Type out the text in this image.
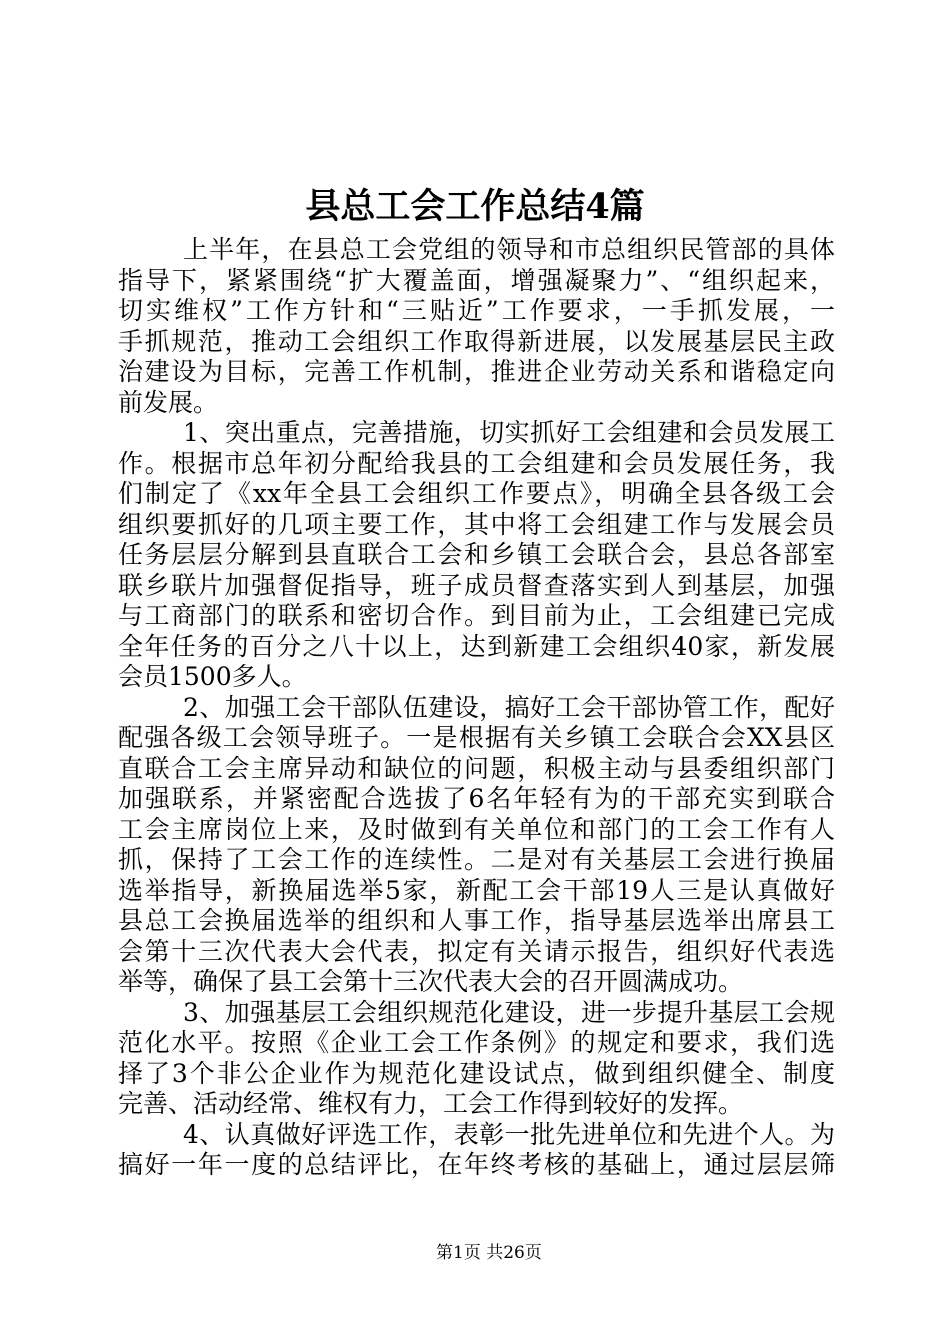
县总工会工作总结4篇
上半年，在县总工会党组的领导和市总组织民管部的具体
指导下，紧紧围绕“扩大覆盖面，增强凝聚力”、“组织起来，
切实维权”工作方针和“三贴近”工作要求，一手抓发展，一
手抓规范，推动工会组织工作取得新进展，以发展基层民主政
治建设为目标，完善工作机制，推进企业劳动关系和谐稳定向
前发展。
1、突出重点，完善措施，切实抓好工会组建和会员发展工
作。根据市总年初分配给我县的工会组建和会员发展任务，我
们制定了《xx年全县工会组织工作要点》，明确全县各级工会
组织要抓好的几项主要工作，其中将工会组建工作与发展会员
任务层层分解到县直联合工会和乡镇工会联合会，县总各部室
联乡联片加强督促指导，班子成员督查落实到人到基层，加强
与工商部门的联系和密切合作。到目前为止，工会组建已完成
全年任务的百分之八十以上，达到新建工会组织40家，新发展
会员1500多人。
2、加强工会干部队伍建设，搞好工会干部协管工作，配好
配强各级工会领导班子。一是根据有关乡镇工会联合会XX县区
直联合工会主席异动和缺位的问题，积极主动与县委组织部门
加强联系，并紧密配合选拔了6名年轻有为的干部充实到联合
工会主席岗位上来，及时做到有关单位和部门的工会工作有人
抓，保持了工会工作的连续性。二是对有关基层工会进行换届
选举指导，新换届选举5家，新配工会干部19人三是认真做好
县总工会换届选举的组织和人事工作，指导基层选举出席县工
会第十三次代表大会代表，拟定有关请示报告，组织好代表选
举等，确保了县工会第十三次代表大会的召开圆满成功。
3、加强基层工会组织规范化建设，进一步提升基层工会规
范化水平。按照《企业工会工作条例》的规定和要求，我们选
择了3个非公企业作为规范化建设试点，做到组织健全、制度
完善、活动经常、维权有力，工会工作得到较好的发挥。
4、认真做好评选工作，表彰一批先进单位和先进个人。为
搞好一年一度的总结评比，在年终考核的基础上，通过层层筛
第1页 共26页
